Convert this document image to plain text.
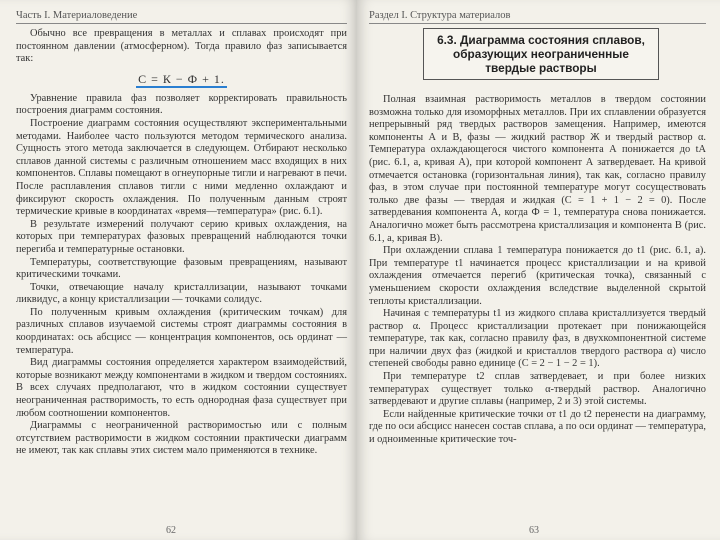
Часть I. Материаловедение

Обычно все превращения в металлах и сплавах происходят при постоянном давлении (атмосферном). Тогда правило фаз записывается так:

С = К − Ф + 1.

Уравнение правила фаз позволяет корректировать правильность построения диаграмм состояния.

Построение диаграмм состояния осуществляют экспериментальными методами. Наиболее часто пользуются методом термического анализа. Сущность этого метода заключается в следующем. Отбирают несколько сплавов данной системы с различным отношением масс входящих в них компонентов. Сплавы помещают в огнеупорные тигли и нагревают в печи. После расплавления сплавов тигли с ними медленно охлаждают и фиксируют скорость охлаждения. По полученным данным строят термические кривые в координатах «время—температура» (рис. 6.1).

В результате измерений получают серию кривых охлаждения, на которых при температурах фазовых превращений наблюдаются точки перегиба и температурные остановки.

Температуры, соответствующие фазовым превращениям, называют критическими точками.

Точки, отвечающие началу кристаллизации, называют точками ликвидус, а концу кристаллизации — точками солидус.

По полученным кривым охлаждения (критическим точкам) для различных сплавов изучаемой системы строят диаграммы состояния в координатах: ось абсцисс — концентрация компонентов, ось ординат — температура.

Вид диаграммы состояния определяется характером взаимодействий, которые возникают между компонентами в жидком и твердом состояниях. В всех случаях предполагают, что в жидком состоянии существует неограниченная растворимость, то есть однородная фаза существует при любом соотношении компонентов.

Диаграммы с неограниченной растворимостью или с полным отсутствием растворимости в жидком состоянии практически диаграмм не имеют, так как сплавы этих систем мало применяются в технике.

62
Раздел I. Структура материалов
6.3. Диаграмма состояния сплавов, образующих неограниченные твердые растворы

Полная взаимная растворимость металлов в твердом состоянии возможна только для изоморфных металлов. При их сплавлении образуется непрерывный ряд твердых растворов замещения. Например, имеются компоненты А и В, фазы — жидкий раствор Ж и твердый раствор α. Температура охлаждающегося чистого компонента А понижается до tA (рис. 6.1, а, кривая А), при которой компонент А затвердевает. На кривой отмечается остановка (горизонтальная линия), так как, согласно правилу фаз, в этом случае при постоянной температуре могут сосуществовать только две фазы — твердая и жидкая (С = 1 + 1 − 2 = 0). После затвердевания компонента А, когда Ф = 1, температура снова понижается. Аналогично может быть рассмотрена кристаллизация и компонента В (рис. 6.1, а, кривая В).

При охлаждении сплава 1 температура понижается до t1 (рис. 6.1, а). При температуре t1 начинается процесс кристаллизации и на кривой охлаждения отмечается перегиб (критическая точка), связанный с уменьшением скорости охлаждения вследствие выделенной скрытой теплоты кристаллизации.

Начиная с температуры t1 из жидкого сплава кристаллизуется твердый раствор α. Процесс кристаллизации протекает при понижающейся температуре, так как, согласно правилу фаз, в двухкомпонентной системе при наличии двух фаз (жидкой и кристаллов твердого раствора α) число степеней свободы равно единице (С = 2 − 1 − 2 = 1).

При температуре t2 сплав затвердевает, и при более низких температурах существует только α-твердый раствор. Аналогично затвердевают и другие сплавы (например, 2 и 3) этой системы.

Если найденные критические точки от t1 до t2 перенести на диаграмму, где по оси абсцисс нанесен состав сплава, а по оси ординат — температура, и одноименные критические точ-

63
